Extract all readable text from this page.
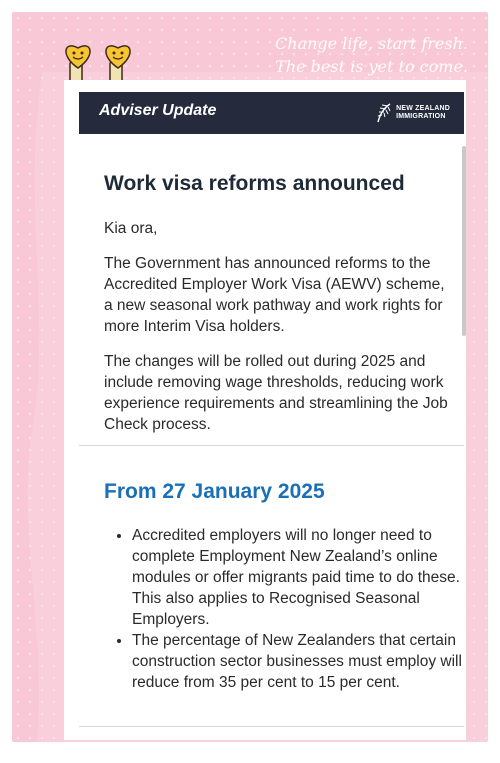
Change life, start fresh.
The best is yet to come.
Adviser Update	NEW ZEALAND
IMMIGRATION
Work visa reforms announced

Kia ora,

The Government has announced reforms to the Accredited Employer Work Visa (AEWV) scheme, a new seasonal work pathway and work rights for more Interim Visa holders.

The changes will be rolled out during 2025 and include removing wage thresholds, reducing work experience requirements and streamlining the Job Check process.

From 27 January 2025
• Accredited employers will no longer need to complete Employment New Zealand’s online modules or offer migrants paid time to do these. This also applies to Recognised Seasonal Employers.
• The percentage of New Zealanders that certain construction sector businesses must employ will reduce from 35 per cent to 15 per cent.
